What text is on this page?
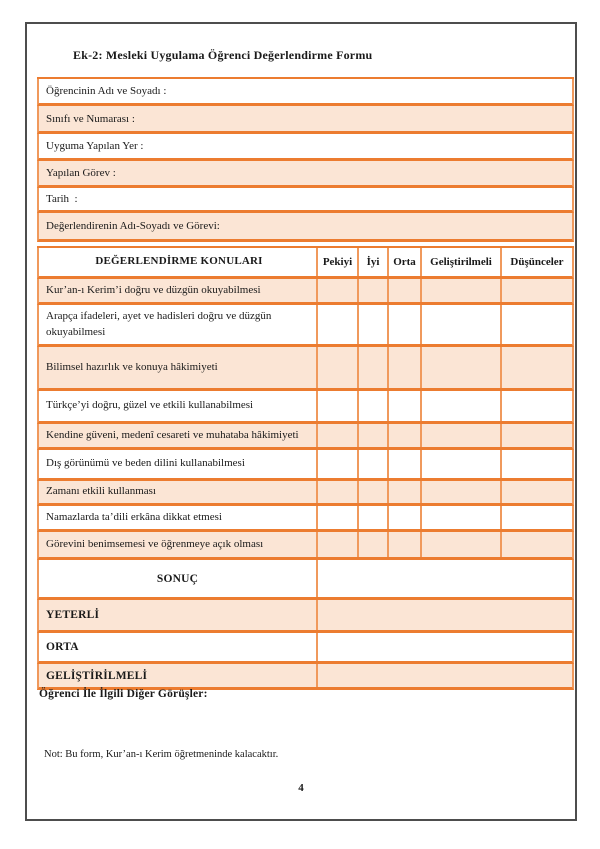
Ek-2: Mesleki Uygulama Öğrenci Değerlendirme Formu
Öğrencinin Adı ve Soyadı :
Sınıfı ve Numarası :
Uyguma Yapılan Yer :
Yapılan Görev :
Tarih  :
Değerlendirenin Adı-Soyadı ve Görevi:
DEĞERLENDİRME KONULARI	Pekiyi	İyi	Orta	Geliştirilmeli	Düşünceler
Kur’an-ı Kerim’i doğru ve düzgün okuyabilmesi
Arapça ifadeleri, ayet ve hadisleri doğru ve düzgün okuyabilmesi
Bilimsel hazırlık ve konuya hâkimiyeti
Türkçe’yi doğru, güzel ve etkili kullanabilmesi
Kendine güveni, medenî cesareti ve muhataba hâkimiyeti
Dış görünümü ve beden dilini kullanabilmesi
Zamanı etkili kullanması
Namazlarda ta’dili erkâna dikkat etmesi
Görevini benimsemesi ve öğrenmeye açık olması
SONUÇ
YETERLİ
ORTA
GELİŞTİRİLMELİ
Öğrenci İle İlgili Diğer Görüşler:
Not: Bu form, Kur’an-ı Kerim öğretmeninde kalacaktır.
4
